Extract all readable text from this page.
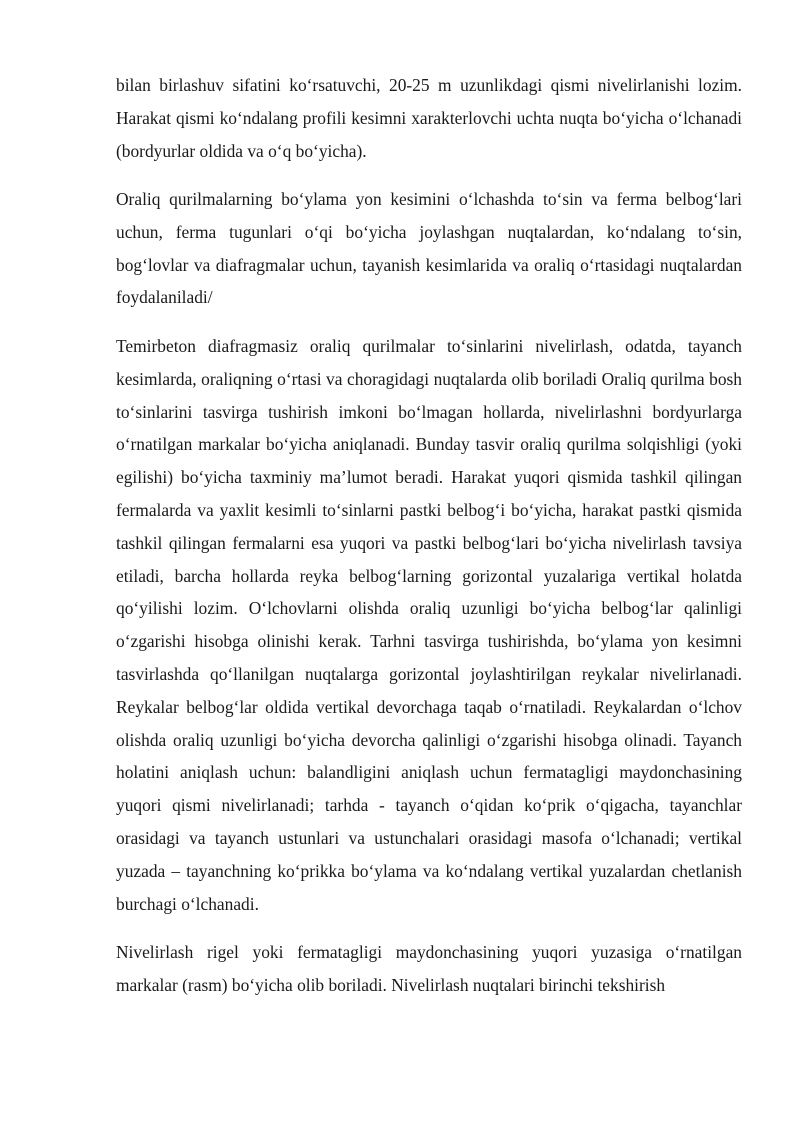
bilan birlashuv sifatini ko‘rsatuvchi, 20-25 m uzunlikdagi qismi nivelirlanishi lozim. Harakat qismi ko‘ndalang profili kesimni xarakterlovchi uchta nuqta bo‘yicha o‘lchanadi (bordyurlar oldida va o‘q bo‘yicha).

Oraliq qurilmalarning bo‘ylama yon kesimini o‘lchashda to‘sin va ferma belbog‘lari uchun, ferma tugunlari o‘qi bo‘yicha joylashgan nuqtalardan, ko‘ndalang to‘sin, bog‘lovlar va diafragmalar uchun, tayanish kesimlarida va oraliq o‘rtasidagi nuqtalardan foydalaniladi/

Temirbeton diafragmasiz oraliq qurilmalar to‘sinlarini nivelirlash, odatda, tayanch kesimlarda, oraliqning o‘rtasi va choragidagi nuqtalarda olib boriladi Oraliq qurilma bosh to‘sinlarini tasvirga tushirish imkoni bo‘lmagan hollarda, nivelirlashni bordyurlarga o‘rnatilgan markalar bo‘yicha aniqlanadi. Bunday tasvir oraliq qurilma solqishligi (yoki egilishi) bo‘yicha taxminiy ma’lumot beradi. Harakat yuqori qismida tashkil qilingan fermalarda va yaxlit kesimli to‘sinlarni pastki belbog‘i bo‘yicha, harakat pastki qismida tashkil qilingan fermalarni esa yuqori va pastki belbog‘lari bo‘yicha nivelirlash tavsiya etiladi, barcha hollarda reyka belbog‘larning gorizontal yuzalariga vertikal holatda qo‘yilishi lozim. O‘lchovlarni olishda oraliq uzunligi bo‘yicha belbog‘lar qalinligi o‘zgarishi hisobga olinishi kerak. Tarhni tasvirga tushirishda, bo‘ylama yon kesimni tasvirlashda qo‘llanilgan nuqtalarga gorizontal joylashtirilgan reykalar nivelirlanadi. Reykalar belbog‘lar oldida vertikal devorchaga taqab o‘rnatiladi. Reykalardan o‘lchov olishda oraliq uzunligi bo‘yicha devorcha qalinligi o‘zgarishi hisobga olinadi. Tayanch holatini aniqlash uchun: balandligini aniqlash uchun fermatagligi maydonchasining yuqori qismi nivelirlanadi; tarhda - tayanch o‘qidan ko‘prik o‘qigacha, tayanchlar orasidagi va tayanch ustunlari va ustunchalari orasidagi masofa o‘lchanadi; vertikal yuzada – tayanchning ko‘prikka bo‘ylama va ko‘ndalang vertikal yuzalardan chetlanish burchagi o‘lchanadi.

Nivelirlash rigel yoki fermatagligi maydonchasining yuqori yuzasiga o‘rnatilgan markalar (rasm) bo‘yicha olib boriladi. Nivelirlash nuqtalari birinchi tekshirish
